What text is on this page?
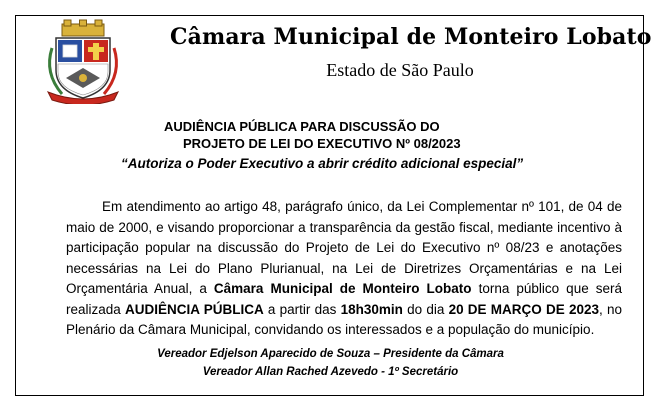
Câmara Municipal de Monteiro Lobato
Estado de São Paulo
AUDIÊNCIA PÚBLICA PARA DISCUSSÃO DO
PROJETO DE LEI DO EXECUTIVO Nº 08/2023
“Autoriza o Poder Executivo a abrir crédito adicional especial”

Em atendimento ao artigo 48, parágrafo único, da Lei Complementar nº 101, de 04 de maio de 2000, e visando proporcionar a transparência da gestão fiscal, mediante incentivo à participação popular na discussão do Projeto de Lei do Executivo nº 08/23 e anotações necessárias na Lei do Plano Plurianual, na Lei de Diretrizes Orçamentárias e na Lei Orçamentária Anual, a Câmara Municipal de Monteiro Lobato torna público que será realizada AUDIÊNCIA PÚBLICA a partir das 18h30min do dia 20 DE MARÇO DE 2023, no Plenário da Câmara Municipal, convidando os interessados e a população do município.

Vereador Edjelson Aparecido de Souza – Presidente da Câmara
Vereador Allan Rached Azevedo - 1º Secretário
